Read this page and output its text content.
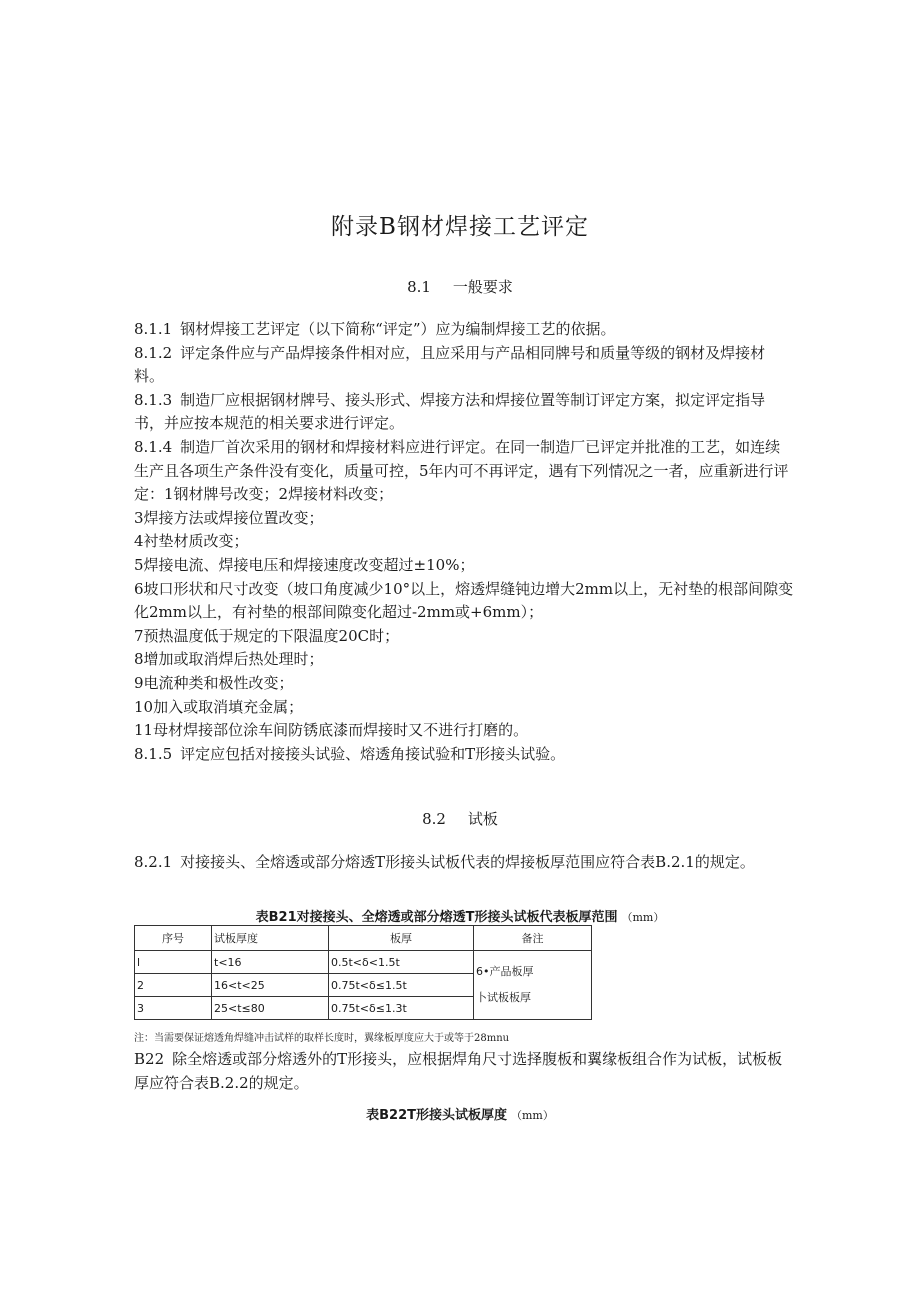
附录B钢材焊接工艺评定
8.1 一般要求

8.1.1 钢材焊接工艺评定（以下简称“评定”）应为编制焊接工艺的依据。

8.1.2 评定条件应与产品焊接条件相对应，且应采用与产品相同牌号和质量等级的钢材及焊接材料。

8.1.3 制造厂应根据钢材牌号、接头形式、焊接方法和焊接位置等制订评定方案，拟定评定指导书，并应按本规范的相关要求进行评定。

8.1.4 制造厂首次采用的钢材和焊接材料应进行评定。在同一制造厂已评定并批准的工艺，如连续生产且各项生产条件没有变化，质量可控，5年内可不再评定，遇有下列情况之一者，应重新进行评定：1钢材牌号改变；2焊接材料改变；

3焊接方法或焊接位置改变；

4衬垫材质改变；

5焊接电流、焊接电压和焊接速度改变超过±10%；

6坡口形状和尺寸改变（坡口角度减少10°以上，熔透焊缝钝边增大2mm以上，无衬垫的根部间隙变化2mm以上，有衬垫的根部间隙变化超过-2mm或+6mm）；

7预热温度低于规定的下限温度20C时；

8增加或取消焊后热处理时；

9电流种类和极性改变；

10加入或取消填充金属；

11母材焊接部位涂车间防锈底漆而焊接时又不进行打磨的。

8.1.5 评定应包括对接接头试验、熔透角接试验和T形接头试验。

8.2 试板

8.2.1 对接接头、全熔透或部分熔透T形接头试板代表的焊接板厚范围应符合表B.2.1的规定。

表B21对接接头、全熔透或部分熔透T形接头试板代表板厚范围 （mm）
序号	试板厚度	板厚	备注
l	t<16	0.5t<δ<1.5t	6•产品板厚
卜试板板厚

2	16<t<25	0.75t<δ≤1.5t	
3	25<t≤80	0.75t<δ≤1.3t	
注：当需要保证熔透角焊缝冲击试样的取样长度时，翼缘板厚度应大于或等于28mnu

B22 除全熔透或部分熔透外的T形接头，应根据焊角尺寸选择腹板和翼缘板组合作为试板，试板板厚应符合表B.2.2的规定。

表B22T形接头试板厚度 （mm）
